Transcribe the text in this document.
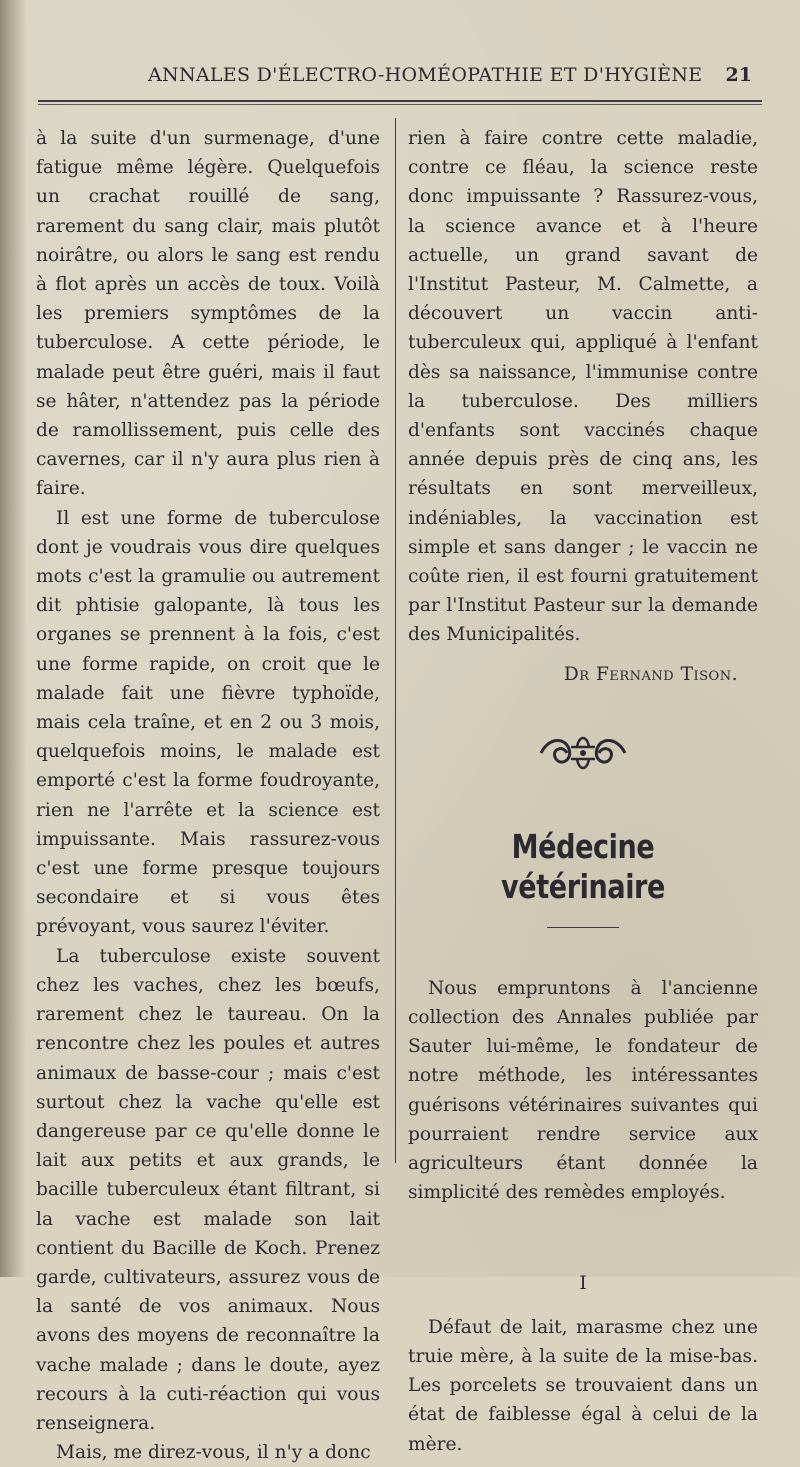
ANNALES D'ÉLECTRO-HOMÉOPATHIE ET D'HYGIÈNE 21

à la suite d'un surmenage, d'une fatigue même légère. Quelquefois un crachat rouillé de sang, rarement du sang clair, mais plutôt noirâtre, ou alors le sang est rendu à flot après un accès de toux. Voilà les premiers symptômes de la tuberculose. A cette période, le malade peut être guéri, mais il faut se hâter, n'attendez pas la période de ramollissement, puis celle des cavernes, car il n'y aura plus rien à faire.

Il est une forme de tuberculose dont je voudrais vous dire quelques mots c'est la gramulie ou autrement dit phtisie galopante, là tous les organes se prennent à la fois, c'est une forme rapide, on croit que le malade fait une fièvre typhoïde, mais cela traîne, et en 2 ou 3 mois, quelquefois moins, le malade est emporté c'est la forme foudroyante, rien ne l'arrête et la science est impuissante. Mais rassurez-vous c'est une forme presque toujours secondaire et si vous êtes prévoyant, vous saurez l'éviter.

La tuberculose existe souvent chez les vaches, chez les bœufs, rarement chez le taureau. On la rencontre chez les poules et autres animaux de basse-cour ; mais c'est surtout chez la vache qu'elle est dangereuse par ce qu'elle donne le lait aux petits et aux grands, le bacille tuberculeux étant filtrant, si la vache est malade son lait contient du Bacille de Koch. Prenez garde, cultivateurs, assurez vous de la santé de vos animaux. Nous avons des moyens de reconnaître la vache malade ; dans le doute, ayez recours à la cuti-réaction qui vous renseignera.

Mais, me direz-vous, il n'y a donc

rien à faire contre cette maladie, contre ce fléau, la science reste donc impuissante ? Rassurez-vous, la science avance et à l'heure actuelle, un grand savant de l'Institut Pasteur, M. Calmette, a découvert un vaccin anti-tuberculeux qui, appliqué à l'enfant dès sa naissance, l'immunise contre la tuberculose. Des milliers d'enfants sont vaccinés chaque année depuis près de cinq ans, les résultats en sont merveilleux, indéniables, la vaccination est simple et sans danger ; le vaccin ne coûte rien, il est fourni gratuitement par l'Institut Pasteur sur la demande des Municipalités.

Dr Fernand Tison.

Médecine vétérinaire

Nous empruntons à l'ancienne collection des Annales publiée par Sauter lui-même, le fondateur de notre méthode, les intéressantes guérisons vétérinaires suivantes qui pourraient rendre service aux agriculteurs étant donnée la simplicité des remèdes employés.

I

Défaut de lait, marasme chez une truie mère, à la suite de la mise-bas. Les porcelets se trouvaient dans un état de faiblesse égal à celui de la mère.
